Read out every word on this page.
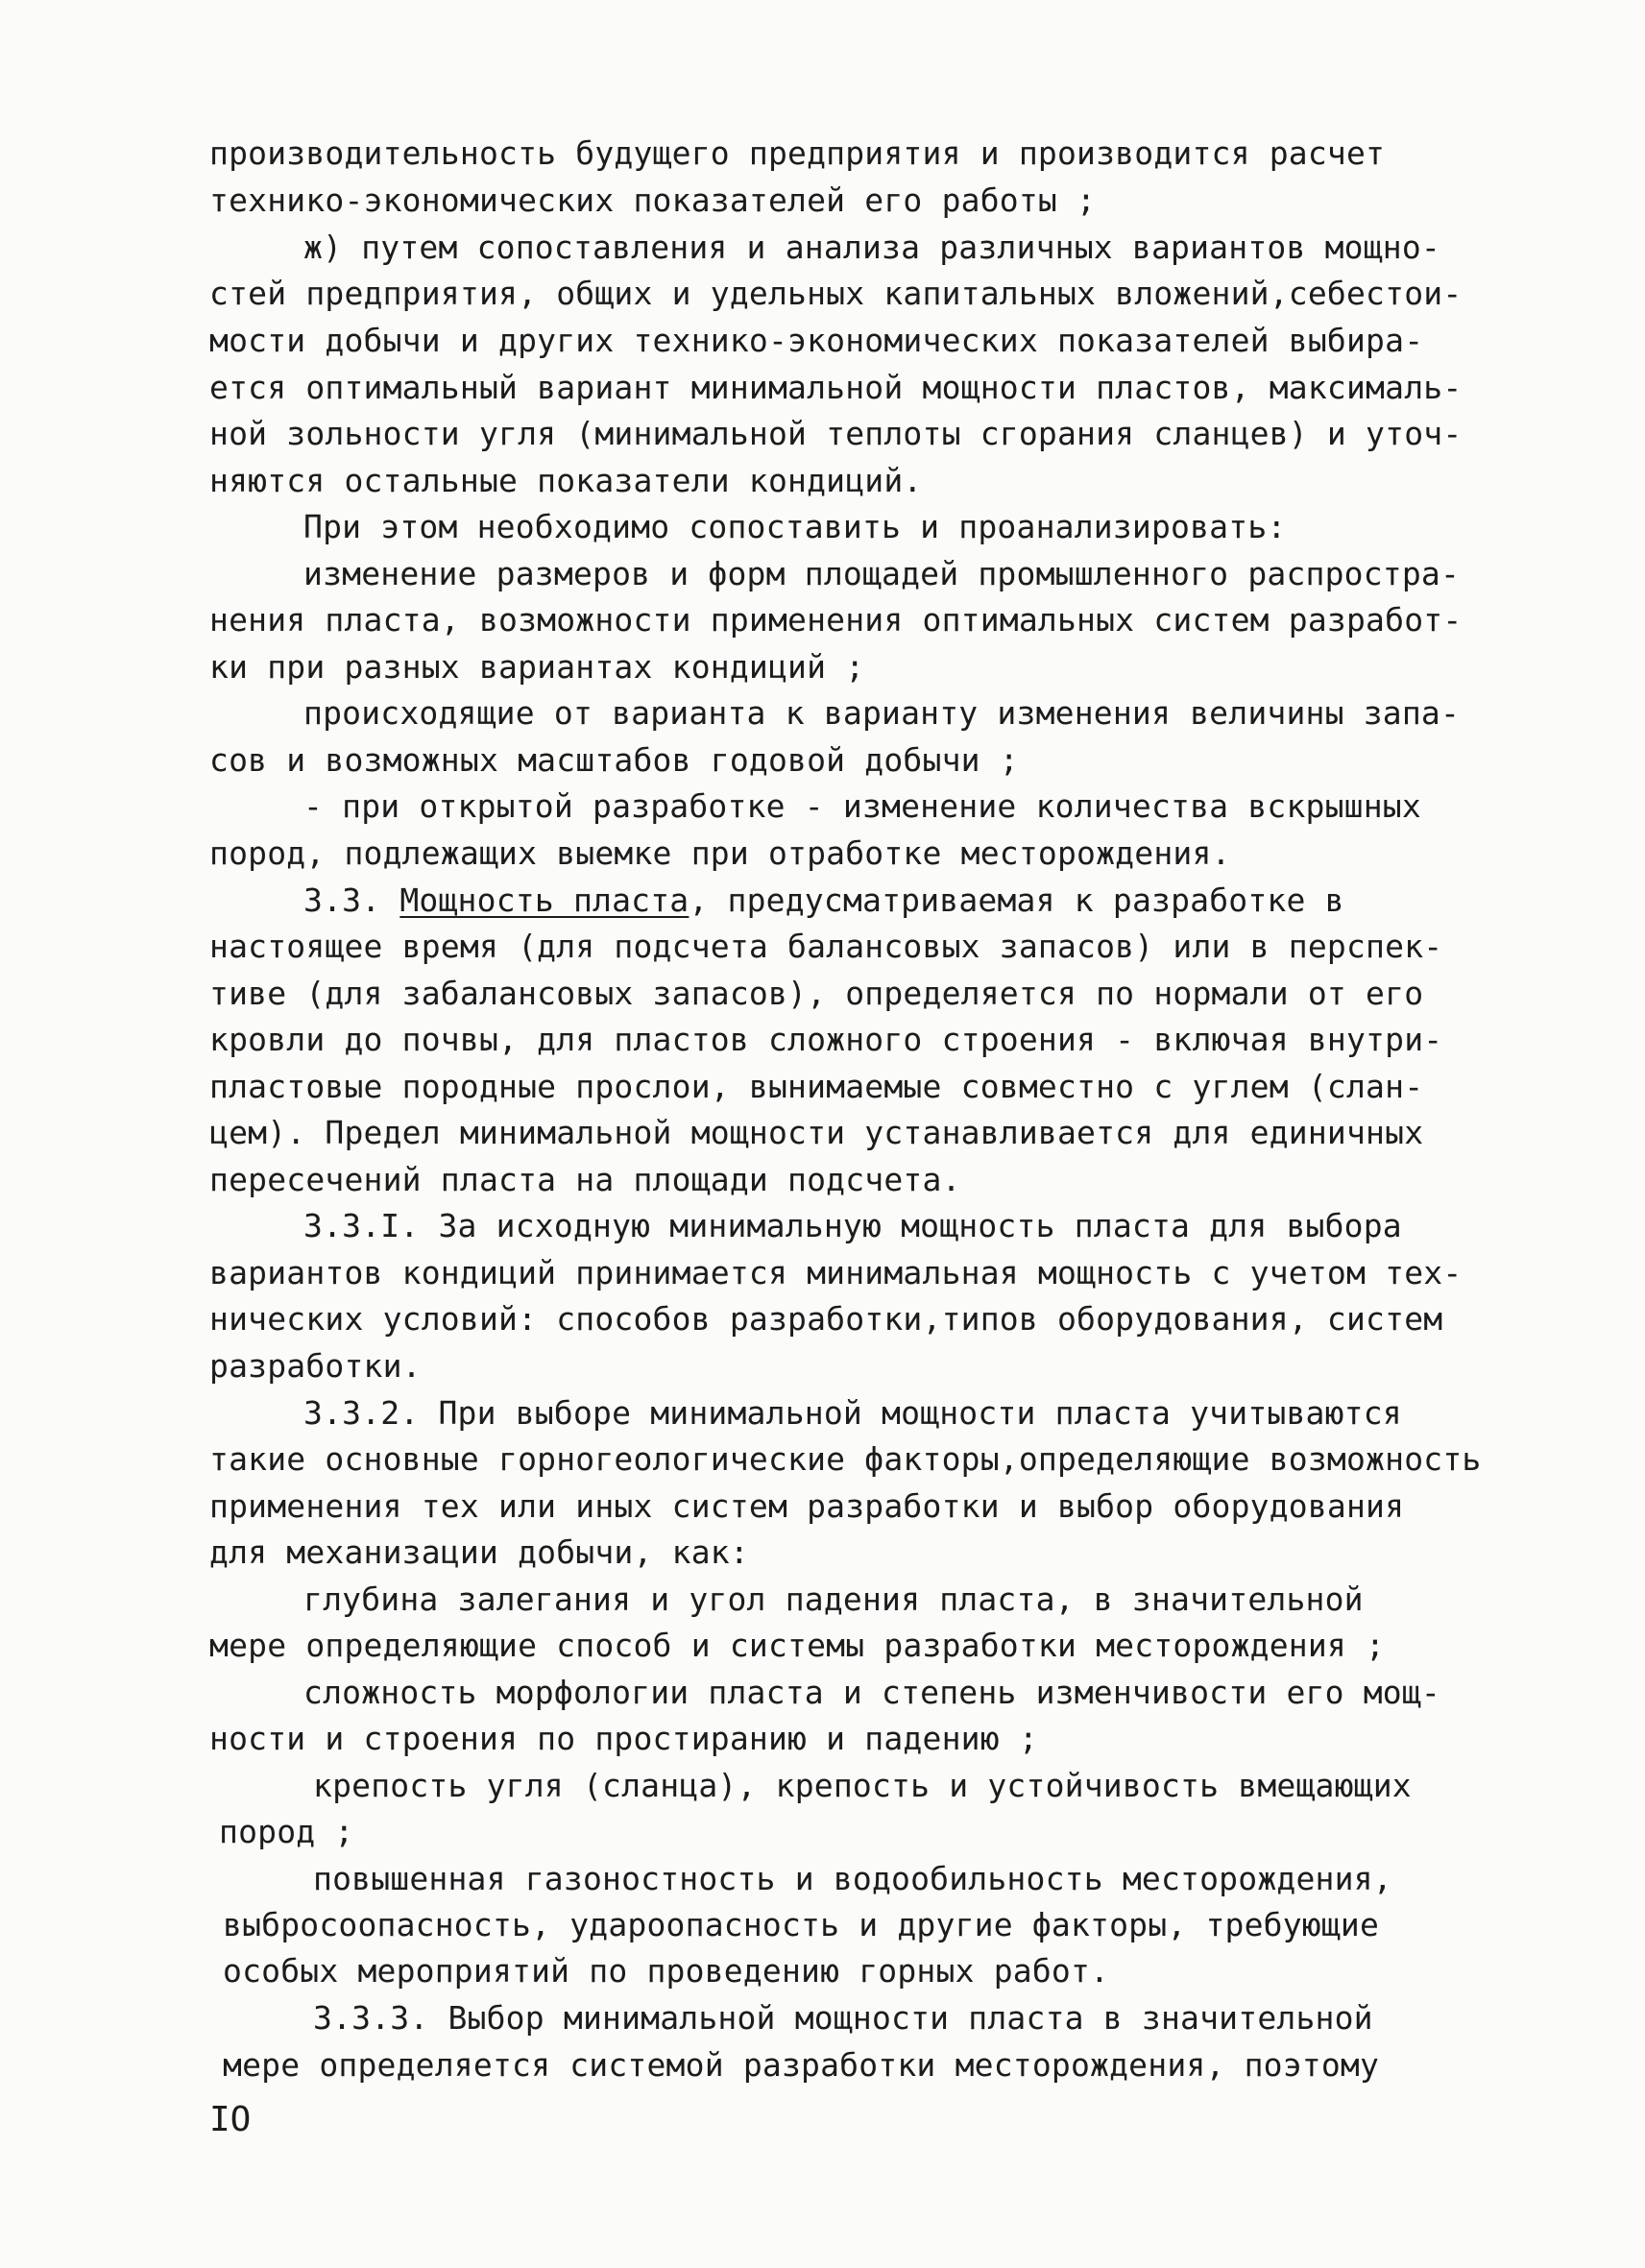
производительность будущего предприятия и производится расчет
технико-экономических показателей его работы ;
ж) путем сопоставления и анализа различных вариантов мощно-
стей предприятия, общих и удельных капитальных вложений,себестои-
мости добычи и других технико-экономических показателей выбира-
ется оптимальный вариант минимальной мощности пластов, максималь-
ной зольности угля (минимальной теплоты сгорания сланцев) и уточ-
няются остальные показатели кондиций.
При этом необходимо сопоставить и проанализировать:
изменение размеров и форм площадей промышленного распростра-
нения пласта, возможности применения оптимальных систем разработ-
ки при разных вариантах кондиций ;
происходящие от варианта к варианту изменения величины запа-
сов и возможных масштабов годовой добычи ;
- при открытой разработке - изменение количества вскрышных
пород, подлежащих выемке при отработке месторождения.
3.3. Мощность пласта, предусматриваемая к разработке в
настоящее время (для подсчета балансовых запасов) или в перспек-
тиве (для забалансовых запасов), определяется по нормали от его
кровли до почвы, для пластов сложного строения - включая внутри-
пластовые породные прослои, вынимаемые совместно с углем (слан-
цем). Предел минимальной мощности устанавливается для единичных
пересечений пласта на площади подсчета.
3.3.I. За исходную минимальную мощность пласта для выбора
вариантов кондиций принимается минимальная мощность с учетом тех-
нических условий: способов разработки,типов оборудования, систем
разработки.
3.3.2. При выборе минимальной мощности пласта учитываются
такие основные горногеологические факторы,определяющие возможность
применения тех или иных систем разработки и выбор оборудования
для механизации добычи, как:
глубина залегания и угол падения пласта, в значительной
мере определяющие способ и системы разработки месторождения ;
сложность морфологии пласта и степень изменчивости его мощ-
ности и строения по простиранию и падению ;
крепость угля (сланца), крепость и устойчивость вмещающих
пород ;
повышенная газоностность и водообильность месторождения,
выбросоопасность, удароопасность и другие факторы, требующие
особых мероприятий по проведению горных работ.
3.3.3. Выбор минимальной мощности пласта в значительной
мере определяется системой разработки месторождения, поэтому
IO
